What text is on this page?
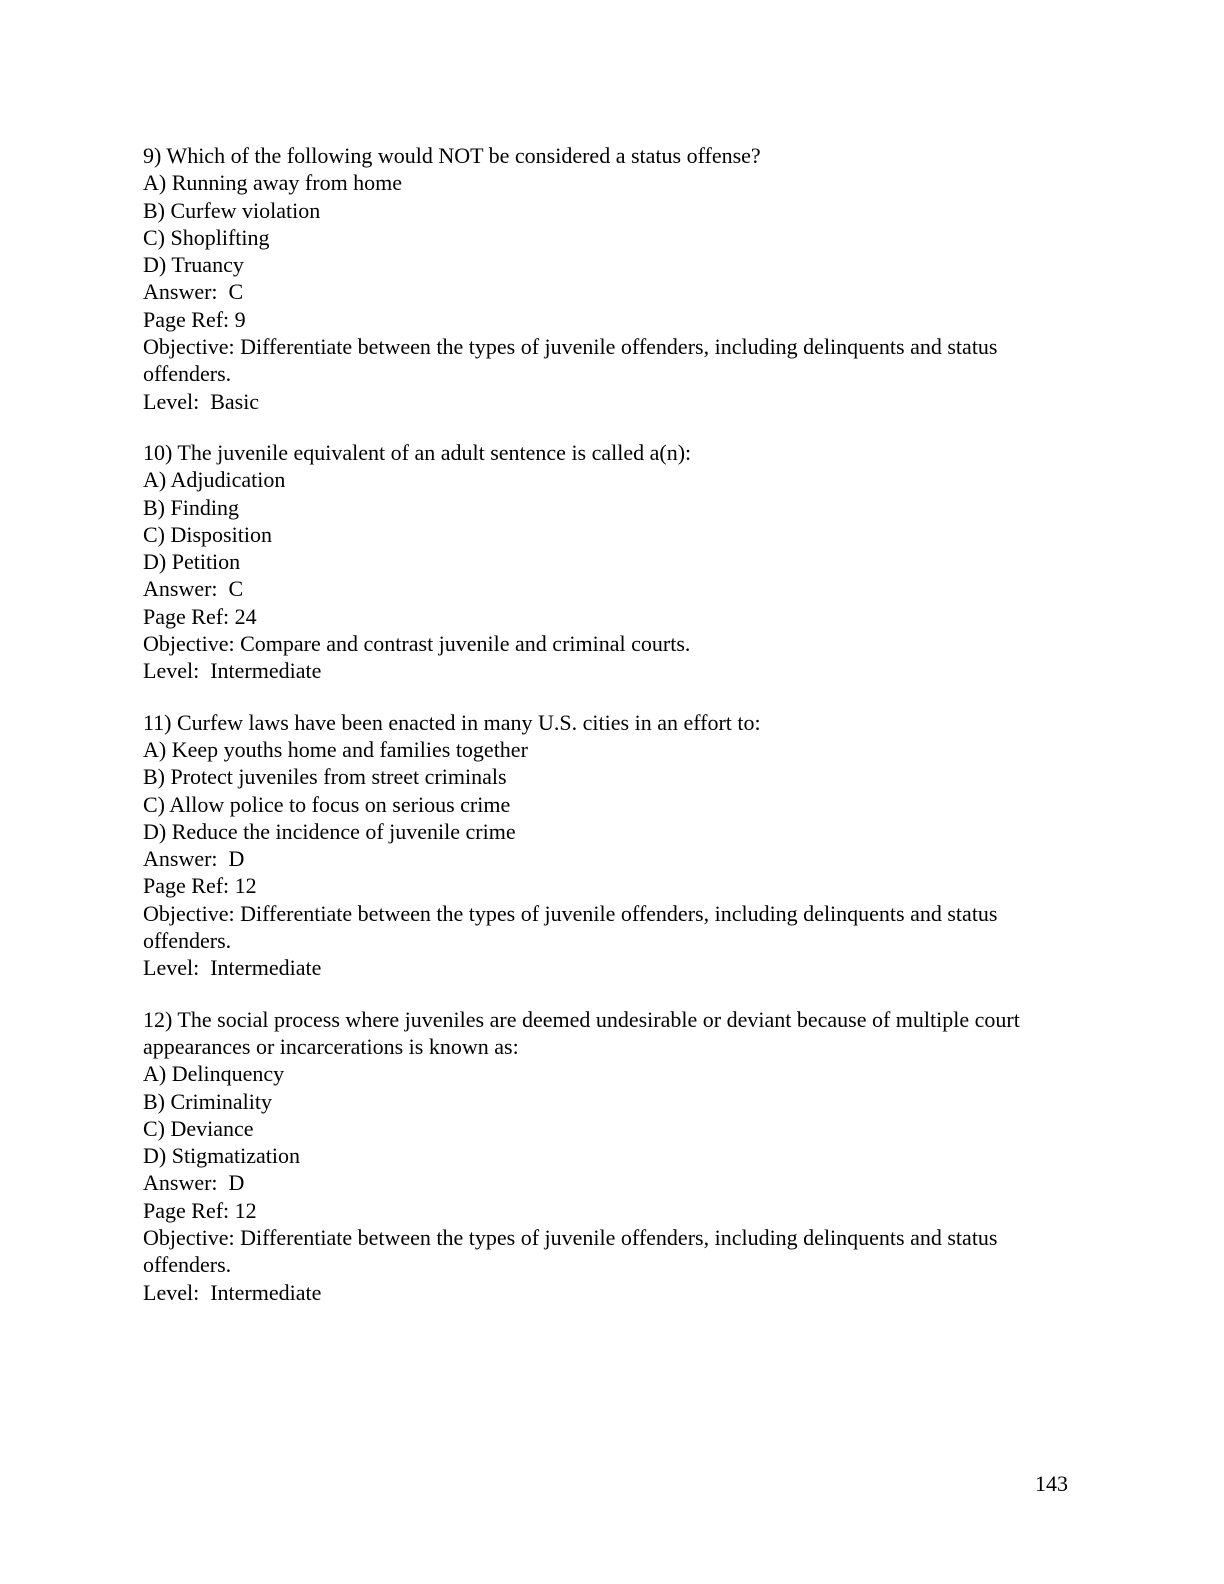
9) Which of the following would NOT be considered a status offense?
A) Running away from home
B) Curfew violation
C) Shoplifting
D) Truancy
Answer:  C
Page Ref: 9
Objective: Differentiate between the types of juvenile offenders, including delinquents and status offenders.
Level:  Basic
10) The juvenile equivalent of an adult sentence is called a(n):
A) Adjudication
B) Finding
C) Disposition
D) Petition
Answer:  C
Page Ref: 24
Objective: Compare and contrast juvenile and criminal courts.
Level:  Intermediate
11) Curfew laws have been enacted in many U.S. cities in an effort to:
A) Keep youths home and families together
B) Protect juveniles from street criminals
C) Allow police to focus on serious crime
D) Reduce the incidence of juvenile crime
Answer:  D
Page Ref: 12
Objective: Differentiate between the types of juvenile offenders, including delinquents and status offenders.
Level:  Intermediate
12) The social process where juveniles are deemed undesirable or deviant because of multiple court appearances or incarcerations is known as:
A) Delinquency
B) Criminality
C) Deviance
D) Stigmatization
Answer:  D
Page Ref: 12
Objective: Differentiate between the types of juvenile offenders, including delinquents and status offenders.
Level:  Intermediate
143
